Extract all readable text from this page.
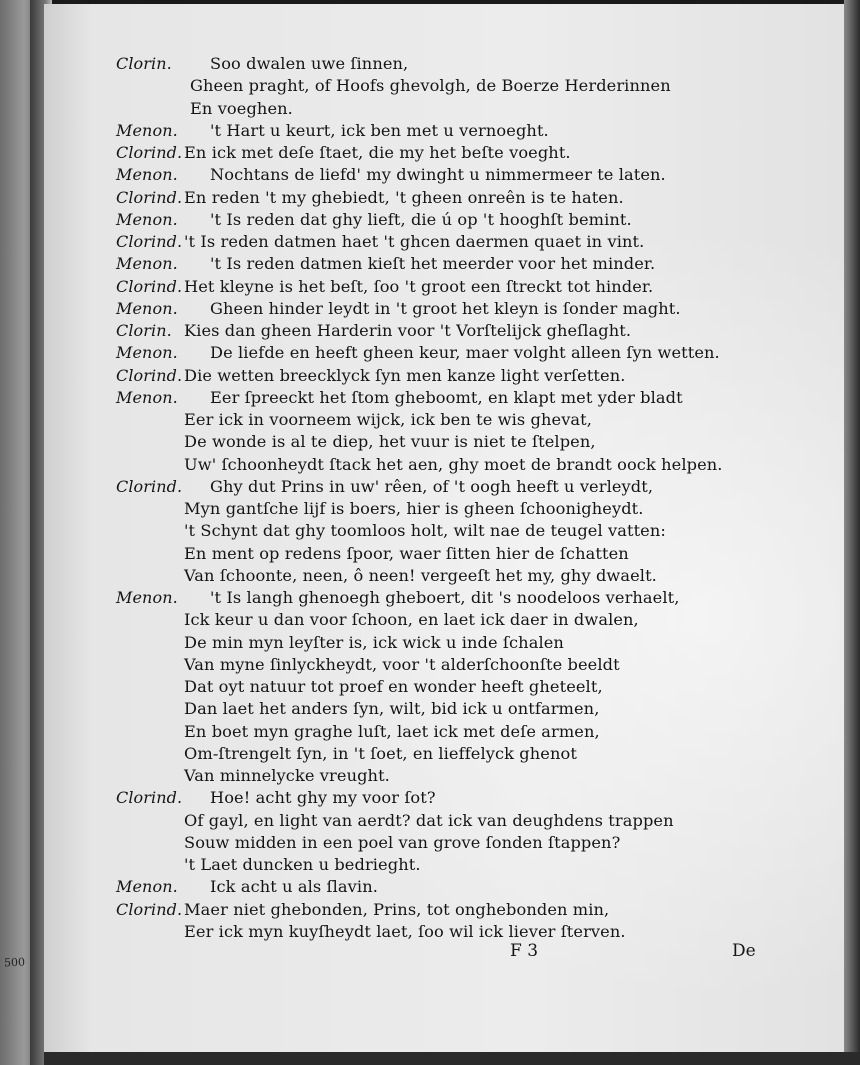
Clorin. Soo dwalen uwe ſinnen,
Gheen praght, of Hoofs ghevolgh, de Boerze Herderinnen
En voeghen.
Menon. 't Hart u keurt, ick ben met u vernoeght.
Clorind. En ick met deſe ſtaet, die my het beſte voeght.
Menon. Nochtans de liefd' my dwinght u nimmermeer te laten.
Clorind. En reden 't my ghebiedt, 't gheen onreên is te haten.
Menon. 't Is reden dat ghy lieft, die ú op 't hooghſt bemint.
Clorind. 't Is reden datmen haet 't ghcen daermen quaet in vint.
Menon. 't Is reden datmen kieſt het meerder voor het minder.
Clorind. Het kleyne is het beſt, ſoo 't groot een ſtreckt tot hinder.
Menon. Gheen hinder leydt in 't groot het kleyn is ſonder maght.
Clorin. Kies dan gheen Harderin voor 't Vorſtelijck gheſlaght.
Menon. De liefde en heeft gheen keur, maer volght alleen ſyn wetten.
Clorind. Die wetten breecklyck ſyn men kanze light verſetten.
Menon. Eer ſpreeckt het ſtom gheboomt, en klapt met yder bladt
Eer ick in voorneem wijck, ick ben te wis ghevat,
De wonde is al te diep, het vuur is niet te ſtelpen,
Uw' ſchoonheydt ſtack het aen, ghy moet de brandt oock helpen.
Clorind. Ghy dut Prins in uw' rêen, of 't oogh heeft u verleydt,
Myn gantſche lijf is boers, hier is gheen ſchoonigheydt.
't Schynt dat ghy toomloos holt, wilt nae de teugel vatten:
En ment op redens ſpoor, waer ſitten hier de ſchatten
Van ſchoonte, neen, ô neen! vergeeſt het my, ghy dwaelt.
Menon. 't Is langh ghenoegh gheboert, dit 's noodeloos verhaelt,
Ick keur u dan voor ſchoon, en laet ick daer in dwalen,
De min myn leyſter is, ick wick u inde ſchalen
Van myne ſinlyckheydt, voor 't alderſchoonſte beeldt
Dat oyt natuur tot proef en wonder heeft gheteelt,
Dan laet het anders ſyn, wilt, bid ick u ontfarmen,
En boet myn graghe luſt, laet ick met deſe armen,
Om-ſtrengelt ſyn, in 't ſoet, en lieffelyck ghenot
Van minnelycke vreught.
Clorind. Hoe! acht ghy my voor ſot?
Of gayl, en light van aerdt? dat ick van deughdens trappen
Souw midden in een poel van grove ſonden ſtappen?
't Laet duncken u bedrieght.
Menon. Ick acht u als ſlavin.
Clorind. Maer niet ghebonden, Prins, tot onghebonden min,
Eer ick myn kuyſheydt laet, ſoo wil ick liever ſterven.
F 3	De
500
